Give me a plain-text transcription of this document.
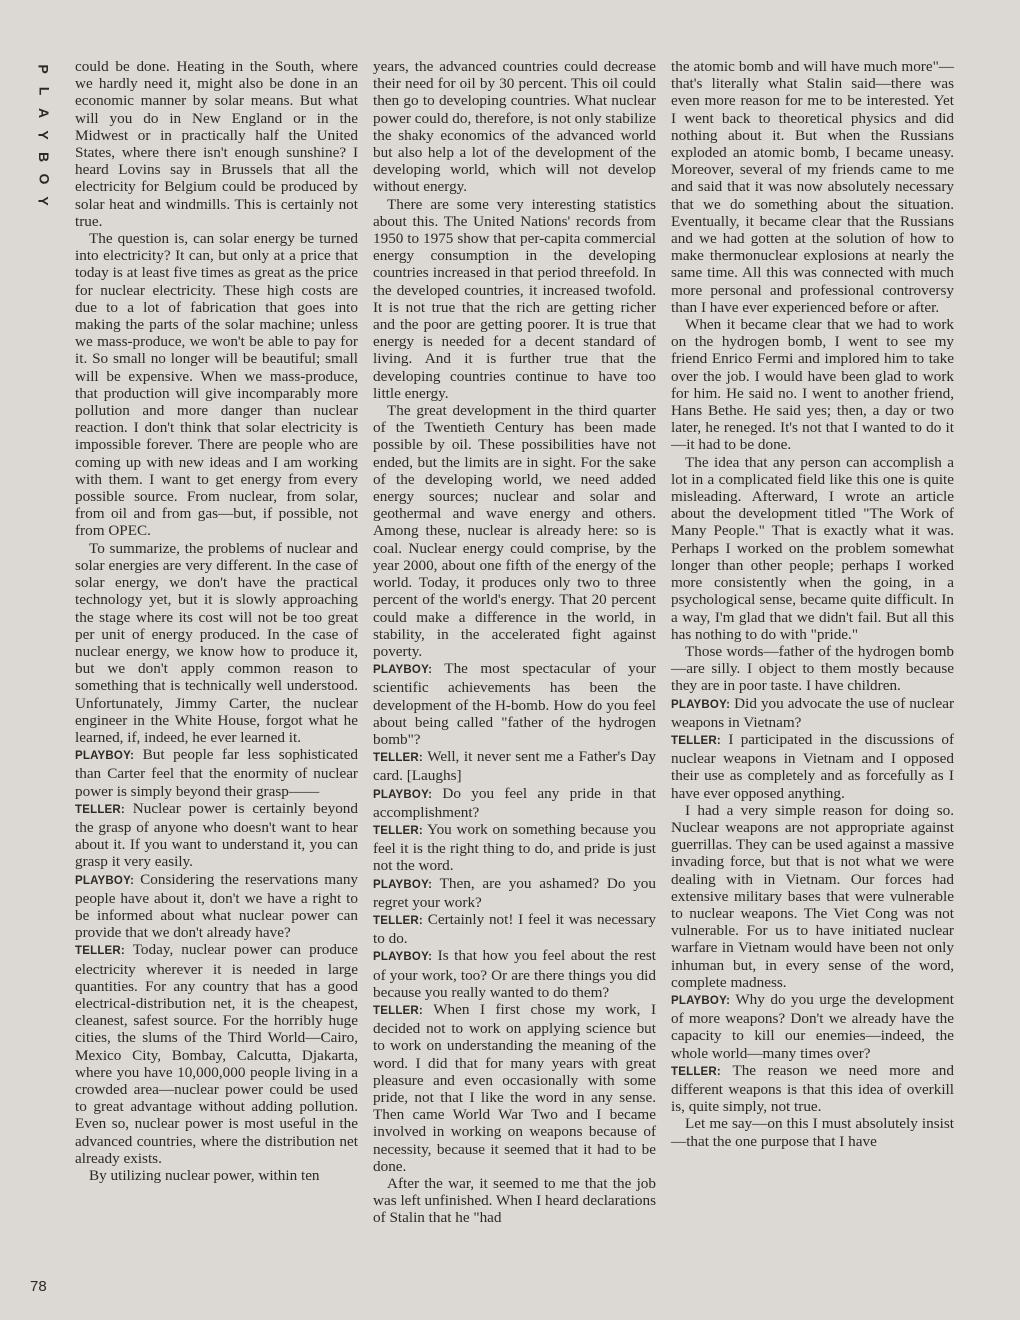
P
L
A
Y
B
O
Y

could be done. Heating in the South, where we hardly need it, might also be done in an economic manner by solar means. But what will you do in New England or in the Midwest or in practically half the United States, where there isn't enough sunshine? I heard Lovins say in Brussels that all the electricity for Belgium could be produced by solar heat and windmills. This is certainly not true.

The question is, can solar energy be turned into electricity? It can, but only at a price that today is at least five times as great as the price for nuclear electricity. These high costs are due to a lot of fabrication that goes into making the parts of the solar machine; unless we mass-produce, we won't be able to pay for it. So small no longer will be beautiful; small will be expensive. When we mass-produce, that production will give incomparably more pollution and more danger than nuclear reaction. I don't think that solar electricity is impossible forever. There are people who are coming up with new ideas and I am working with them. I want to get energy from every possible source. From nuclear, from solar, from oil and from gas—but, if possible, not from OPEC.

To summarize, the problems of nuclear and solar energies are very different. In the case of solar energy, we don't have the practical technology yet, but it is slowly approaching the stage where its cost will not be too great per unit of energy produced. In the case of nuclear energy, we know how to produce it, but we don't apply common reason to something that is technically well understood. Unfortunately, Jimmy Carter, the nuclear engineer in the White House, forgot what he learned, if, indeed, he ever learned it.

PLAYBOY: But people far less sophisticated than Carter feel that the enormity of nuclear power is simply beyond their grasp——

TELLER: Nuclear power is certainly beyond the grasp of anyone who doesn't want to hear about it. If you want to understand it, you can grasp it very easily.

PLAYBOY: Considering the reservations many people have about it, don't we have a right to be informed about what nuclear power can provide that we don't already have?

TELLER: Today, nuclear power can produce electricity wherever it is needed in large quantities. For any country that has a good electrical-distribution net, it is the cheapest, cleanest, safest source. For the horribly huge cities, the slums of the Third World—Cairo, Mexico City, Bombay, Calcutta, Djakarta, where you have 10,000,000 people living in a crowded area—nuclear power could be used to great advantage without adding pollution. Even so, nuclear power is most useful in the advanced countries, where the distribution net already exists.

By utilizing nuclear power, within ten

years, the advanced countries could decrease their need for oil by 30 percent. This oil could then go to developing countries. What nuclear power could do, therefore, is not only stabilize the shaky economics of the advanced world but also help a lot of the development of the developing world, which will not develop without energy.

There are some very interesting statistics about this. The United Nations' records from 1950 to 1975 show that per-capita commercial energy consumption in the developing countries increased in that period threefold. In the developed countries, it increased twofold. It is not true that the rich are getting richer and the poor are getting poorer. It is true that energy is needed for a decent standard of living. And it is further true that the developing countries continue to have too little energy.

The great development in the third quarter of the Twentieth Century has been made possible by oil. These possibilities have not ended, but the limits are in sight. For the sake of the developing world, we need added energy sources; nuclear and solar and geothermal and wave energy and others. Among these, nuclear is already here: so is coal. Nuclear energy could comprise, by the year 2000, about one fifth of the energy of the world. Today, it produces only two to three percent of the world's energy. That 20 percent could make a difference in the world, in stability, in the accelerated fight against poverty.

PLAYBOY: The most spectacular of your scientific achievements has been the development of the H-bomb. How do you feel about being called "father of the hydrogen bomb"?

TELLER: Well, it never sent me a Father's Day card. [Laughs]

PLAYBOY: Do you feel any pride in that accomplishment?

TELLER: You work on something because you feel it is the right thing to do, and pride is just not the word.

PLAYBOY: Then, are you ashamed? Do you regret your work?

TELLER: Certainly not! I feel it was necessary to do.

PLAYBOY: Is that how you feel about the rest of your work, too? Or are there things you did because you really wanted to do them?

TELLER: When I first chose my work, I decided not to work on applying science but to work on understanding the meaning of the word. I did that for many years with great pleasure and even occasionally with some pride, not that I like the word in any sense. Then came World War Two and I became involved in working on weapons because of necessity, because it seemed that it had to be done.

After the war, it seemed to me that the job was left unfinished. When I heard declarations of Stalin that he "had

the atomic bomb and will have much more"—that's literally what Stalin said—there was even more reason for me to be interested. Yet I went back to theoretical physics and did nothing about it. But when the Russians exploded an atomic bomb, I became uneasy. Moreover, several of my friends came to me and said that it was now absolutely necessary that we do something about the situation. Eventually, it became clear that the Russians and we had gotten at the solution of how to make thermonuclear explosions at nearly the same time. All this was connected with much more personal and professional controversy than I have ever experienced before or after.

When it became clear that we had to work on the hydrogen bomb, I went to see my friend Enrico Fermi and implored him to take over the job. I would have been glad to work for him. He said no. I went to another friend, Hans Bethe. He said yes; then, a day or two later, he reneged. It's not that I wanted to do it—it had to be done.

The idea that any person can accomplish a lot in a complicated field like this one is quite misleading. Afterward, I wrote an article about the development titled "The Work of Many People." That is exactly what it was. Perhaps I worked on the problem somewhat longer than other people; perhaps I worked more consistently when the going, in a psychological sense, became quite difficult. In a way, I'm glad that we didn't fail. But all this has nothing to do with "pride."

Those words—father of the hydrogen bomb—are silly. I object to them mostly because they are in poor taste. I have children.

PLAYBOY: Did you advocate the use of nuclear weapons in Vietnam?

TELLER: I participated in the discussions of nuclear weapons in Vietnam and I opposed their use as completely and as forcefully as I have ever opposed anything.

I had a very simple reason for doing so. Nuclear weapons are not appropriate against guerrillas. They can be used against a massive invading force, but that is not what we were dealing with in Vietnam. Our forces had extensive military bases that were vulnerable to nuclear weapons. The Viet Cong was not vulnerable. For us to have initiated nuclear warfare in Vietnam would have been not only inhuman but, in every sense of the word, complete madness.

PLAYBOY: Why do you urge the development of more weapons? Don't we already have the capacity to kill our enemies—indeed, the whole world—many times over?

TELLER: The reason we need more and different weapons is that this idea of overkill is, quite simply, not true.

Let me say—on this I must absolutely insist—that the one purpose that I have

78
